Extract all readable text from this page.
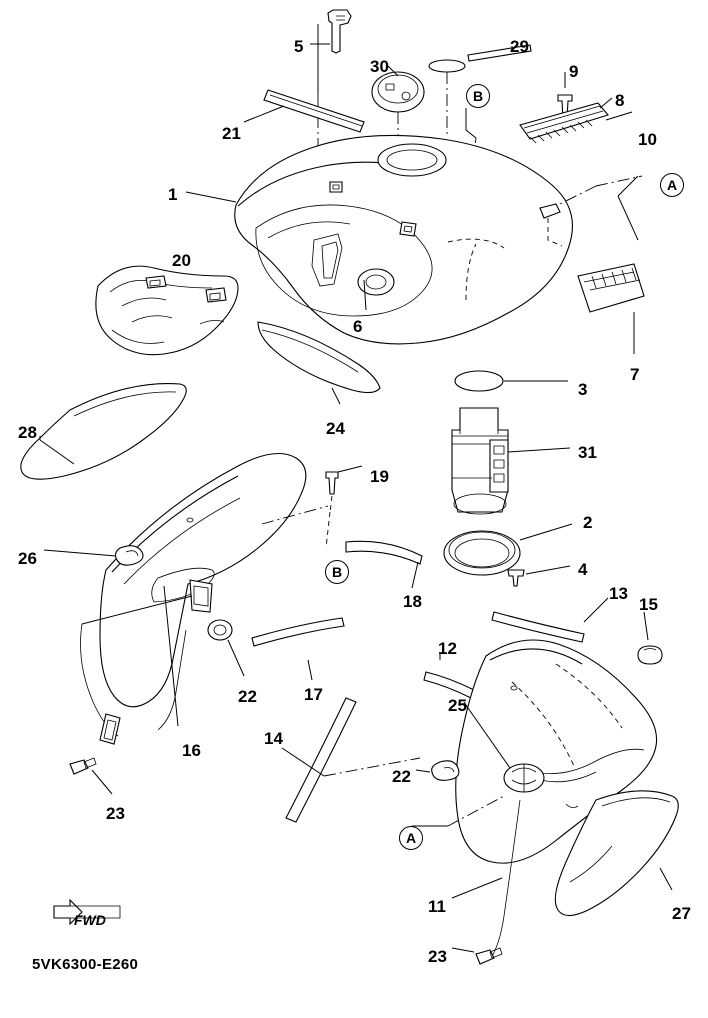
1
2
3
4
5
6
7
8
9
10
11
12
13
14
15
16
17
18
19
20
21
22
22
23
23
24
25
26
27
28
29
30
31
B
A
B
A
FWD
5VK6300-E260
